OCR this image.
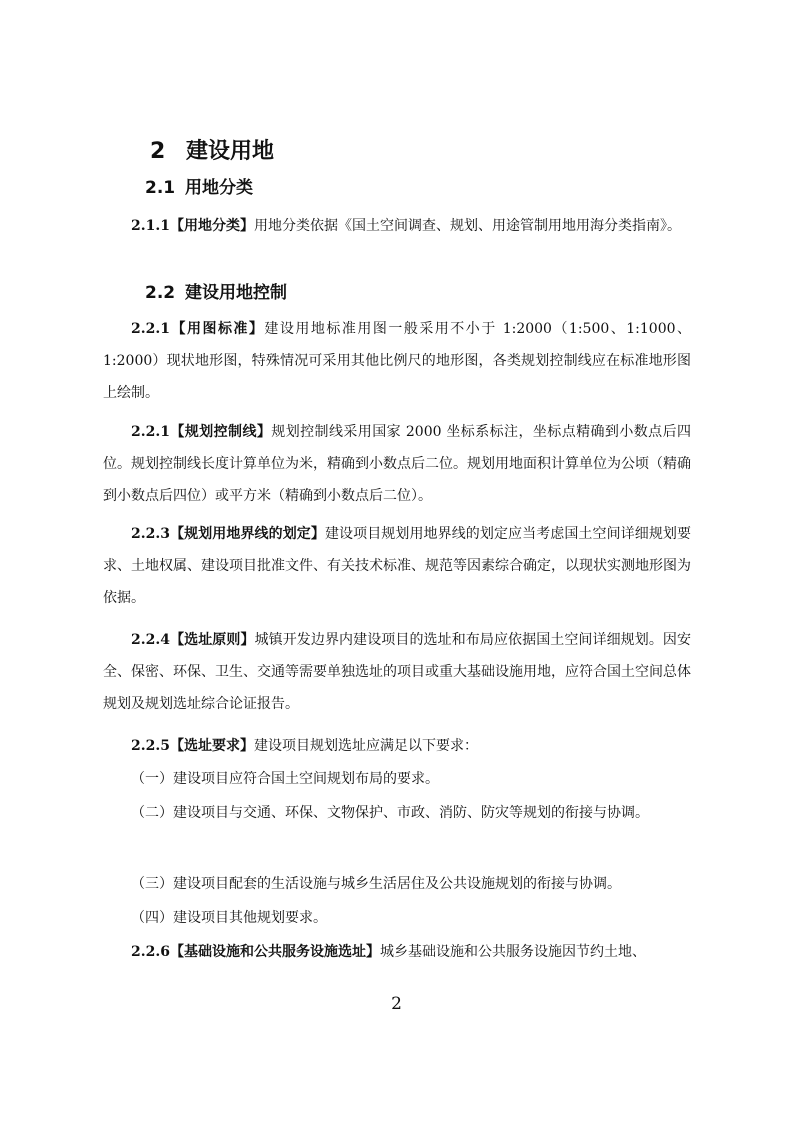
2 建设用地
2.1 用地分类
2.1.1【用地分类】用地分类依据《国土空间调查、规划、用途管制用地用海分类指南》。
2.2 建设用地控制
2.2.1【用图标准】建设用地标准用图一般采用不小于 1:2000（1:500、1:1000、1:2000）现状地形图，特殊情况可采用其他比例尺的地形图，各类规划控制线应在标准地形图上绘制。
2.2.1【规划控制线】规划控制线采用国家 2000 坐标系标注，坐标点精确到小数点后四位。规划控制线长度计算单位为米，精确到小数点后二位。规划用地面积计算单位为公顷（精确到小数点后四位）或平方米（精确到小数点后二位）。
2.2.3【规划用地界线的划定】建设项目规划用地界线的划定应当考虑国土空间详细规划要求、土地权属、建设项目批准文件、有关技术标准、规范等因素综合确定，以现状实测地形图为依据。
2.2.4【选址原则】城镇开发边界内建设项目的选址和布局应依据国土空间详细规划。因安全、保密、环保、卫生、交通等需要单独选址的项目或重大基础设施用地，应符合国土空间总体规划及规划选址综合论证报告。
2.2.5【选址要求】建设项目规划选址应满足以下要求：
（一）建设项目应符合国土空间规划布局的要求。
（二）建设项目与交通、环保、文物保护、市政、消防、防灾等规划的衔接与协调。
（三）建设项目配套的生活设施与城乡生活居住及公共设施规划的衔接与协调。
（四）建设项目其他规划要求。
2.2.6【基础设施和公共服务设施选址】城乡基础设施和公共服务设施因节约土地、
2
